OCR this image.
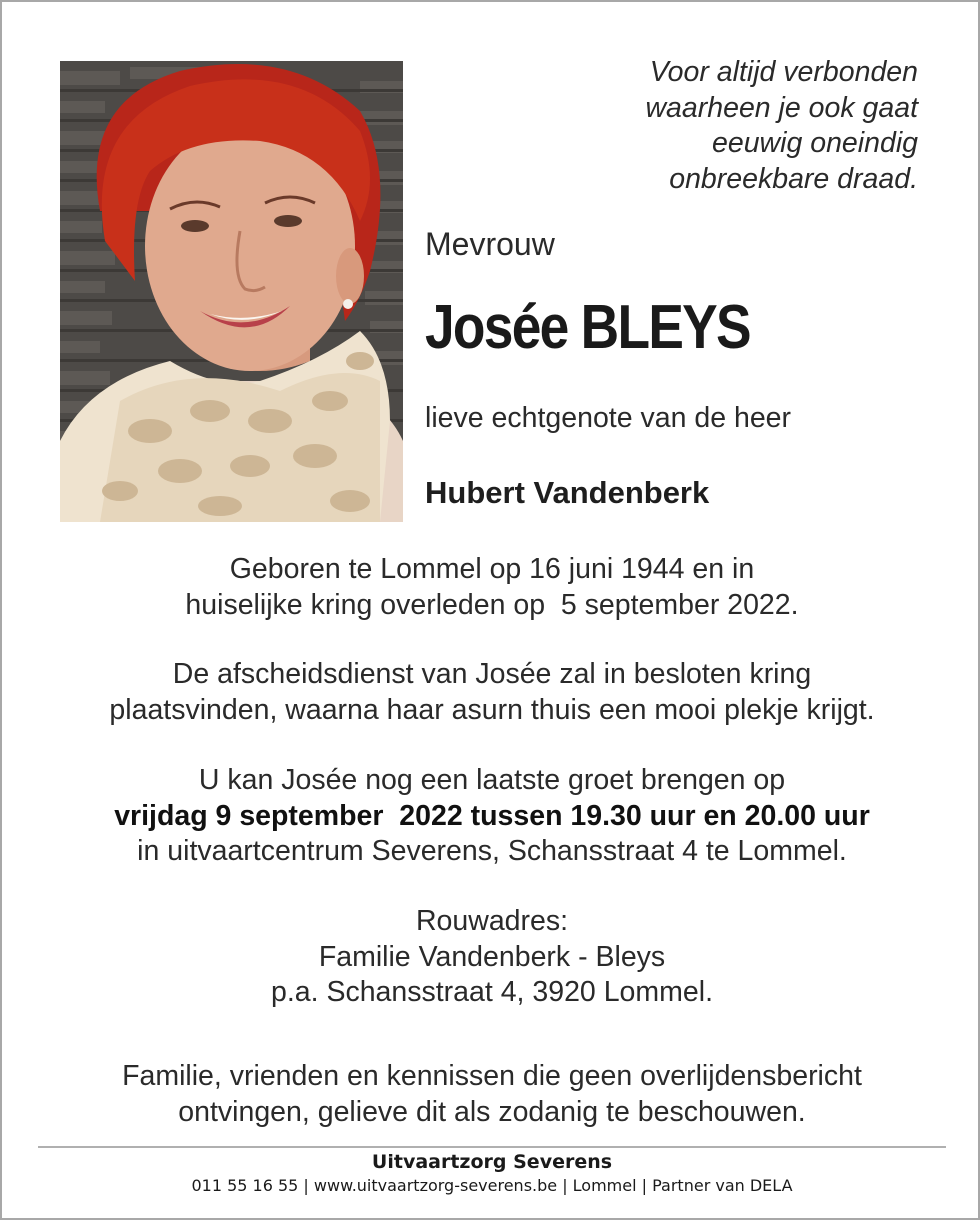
Voor altijd verbonden
waarheen je ook gaat
eeuwig oneindig
onbreekbare draad.
Mevrouw
Josée BLEYS
lieve echtgenote van de heer
Hubert Vandenberk
Geboren te Lommel op 16 juni 1944 en in
huiselijke kring overleden op  5 september 2022.
De afscheidsdienst van Josée zal in besloten kring
plaatsvinden, waarna haar asurn thuis een mooi plekje krijgt.
U kan Josée nog een laatste groet brengen op
vrijdag 9 september  2022 tussen 19.30 uur en 20.00 uur
in uitvaartcentrum Severens, Schansstraat 4 te Lommel.
Rouwadres:
Familie Vandenberk - Bleys
p.a. Schansstraat 4, 3920 Lommel.
Familie, vrienden en kennissen die geen overlijdensbericht
ontvingen, gelieve dit als zodanig te beschouwen.
Uitvaartzorg Severens
011 55 16 55 | www.uitvaartzorg-severens.be | Lommel | Partner van DELA
